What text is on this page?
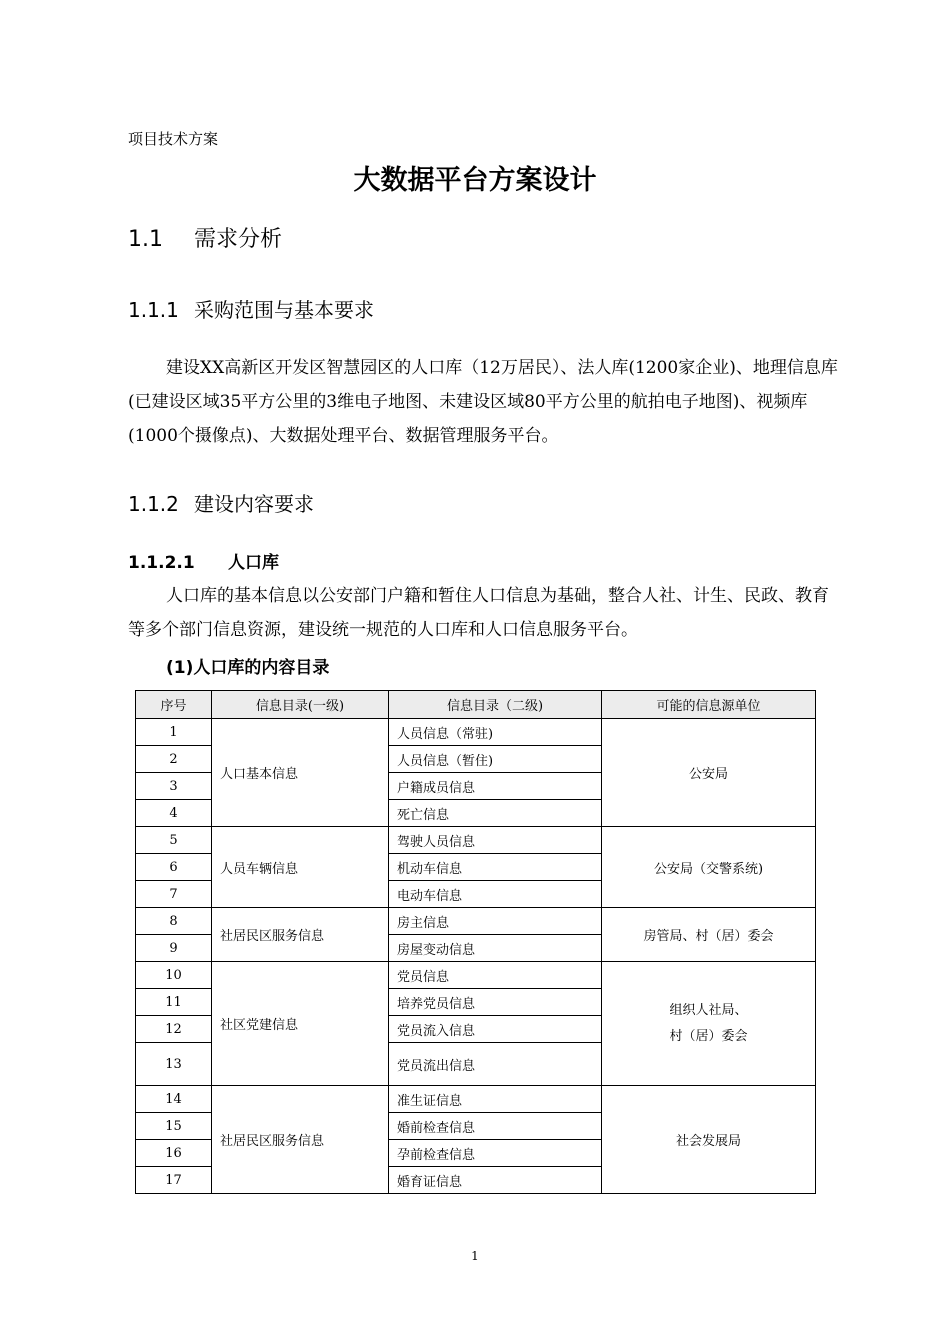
项目技术方案
大数据平台方案设计
1.1 需求分析
1.1.1 采购范围与基本要求
建设XX高新区开发区智慧园区的人口库（12万居民）、法人库(1200家企业)、地理信息库(已建设区域35平方公里的3维电子地图、未建设区域80平方公里的航拍电子地图)、视频库(1000个摄像点)、大数据处理平台、数据管理服务平台。
1.1.2 建设内容要求
1.1.2.1 人口库
人口库的基本信息以公安部门户籍和暂住人口信息为基础，整合人社、计生、民政、教育等多个部门信息资源，建设统一规范的人口库和人口信息服务平台。
(1)人口库的内容目录
序号	信息目录(一级)	信息目录（二级)	可能的信息源单位
1	人口基本信息	人员信息（常驻)	公安局
2		人员信息（暂住)	
3		户籍成员信息	
4		死亡信息	
5	人员车辆信息	驾驶人员信息	公安局（交警系统)
6		机动车信息	
7		电动车信息	
8	社居民区服务信息	房主信息	房管局、村（居）委会
9		房屋变动信息	
10	社区党建信息	党员信息	组织人社局、
村（居）委会

11		培养党员信息	
12		党员流入信息	
13		党员流出信息	
14	社居民区服务信息	准生证信息	社会发展局
15		婚前检查信息	
16		孕前检查信息	
17		婚育证信息	
1
